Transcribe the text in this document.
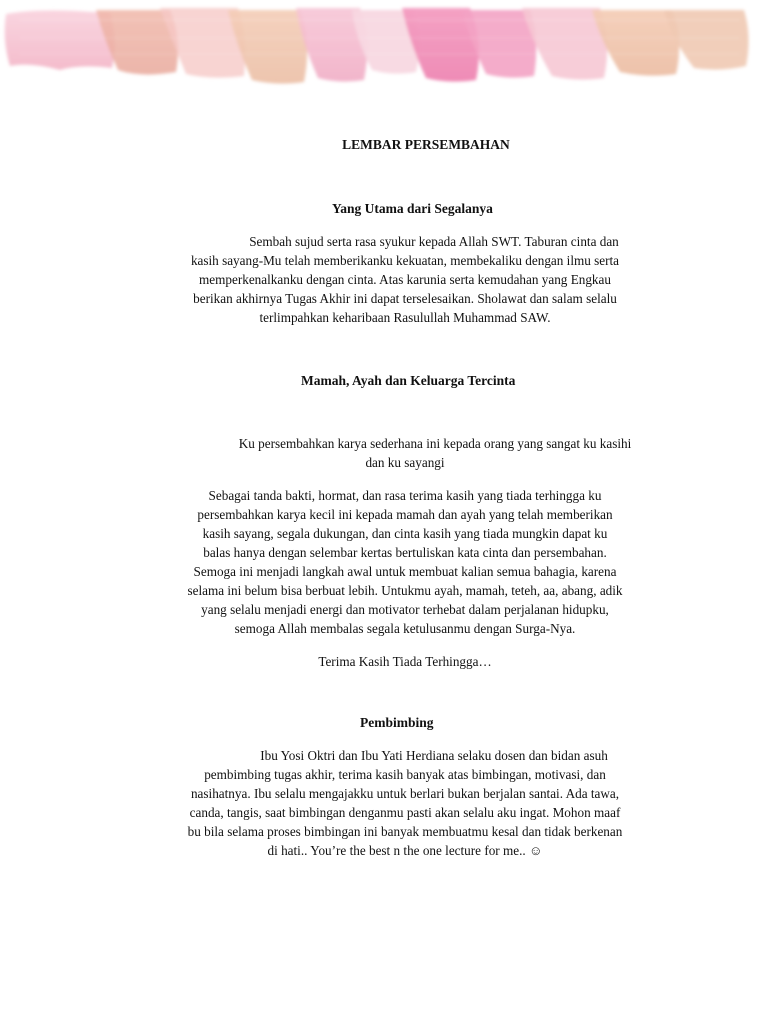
LEMBAR PERSEMBAHAN
Yang Utama dari Segalanya
Sembah sujud serta rasa syukur kepada Allah SWT. Taburan cinta dan
kasih sayang-Mu telah memberikanku kekuatan, membekaliku dengan ilmu serta
memperkenalkanku dengan cinta. Atas karunia serta kemudahan yang Engkau
berikan akhirnya Tugas Akhir ini dapat terselesaikan. Sholawat dan salam selalu
terlimpahkan keharibaan Rasulullah Muhammad SAW.
Mamah, Ayah dan Keluarga Tercinta
Ku persembahkan karya sederhana ini kepada orang yang sangat ku kasihi
dan ku sayangi
Sebagai tanda bakti, hormat, dan rasa terima kasih yang tiada terhingga ku
persembahkan karya kecil ini kepada mamah dan ayah yang telah memberikan
kasih sayang, segala dukungan, dan cinta kasih yang tiada mungkin dapat ku
balas hanya dengan selembar kertas bertuliskan kata cinta dan persembahan.
Semoga ini menjadi langkah awal untuk membuat kalian semua bahagia, karena
selama ini belum bisa berbuat lebih. Untukmu ayah, mamah, teteh, aa, abang, adik
yang selalu menjadi energi dan motivator terhebat dalam perjalanan hidupku,
semoga Allah membalas segala ketulusanmu dengan Surga-Nya.
Terima Kasih Tiada Terhingga…
Pembimbing
Ibu Yosi Oktri dan Ibu Yati Herdiana selaku dosen dan bidan asuh
pembimbing tugas akhir, terima kasih banyak atas bimbingan, motivasi, dan
nasihatnya. Ibu selalu mengajakku untuk berlari bukan berjalan santai. Ada tawa,
canda, tangis, saat bimbingan denganmu pasti akan selalu aku ingat. Mohon maaf
bu bila selama proses bimbingan ini banyak membuatmu kesal dan tidak berkenan
di hati.. You’re the best n the one lecture for me.. ☺
